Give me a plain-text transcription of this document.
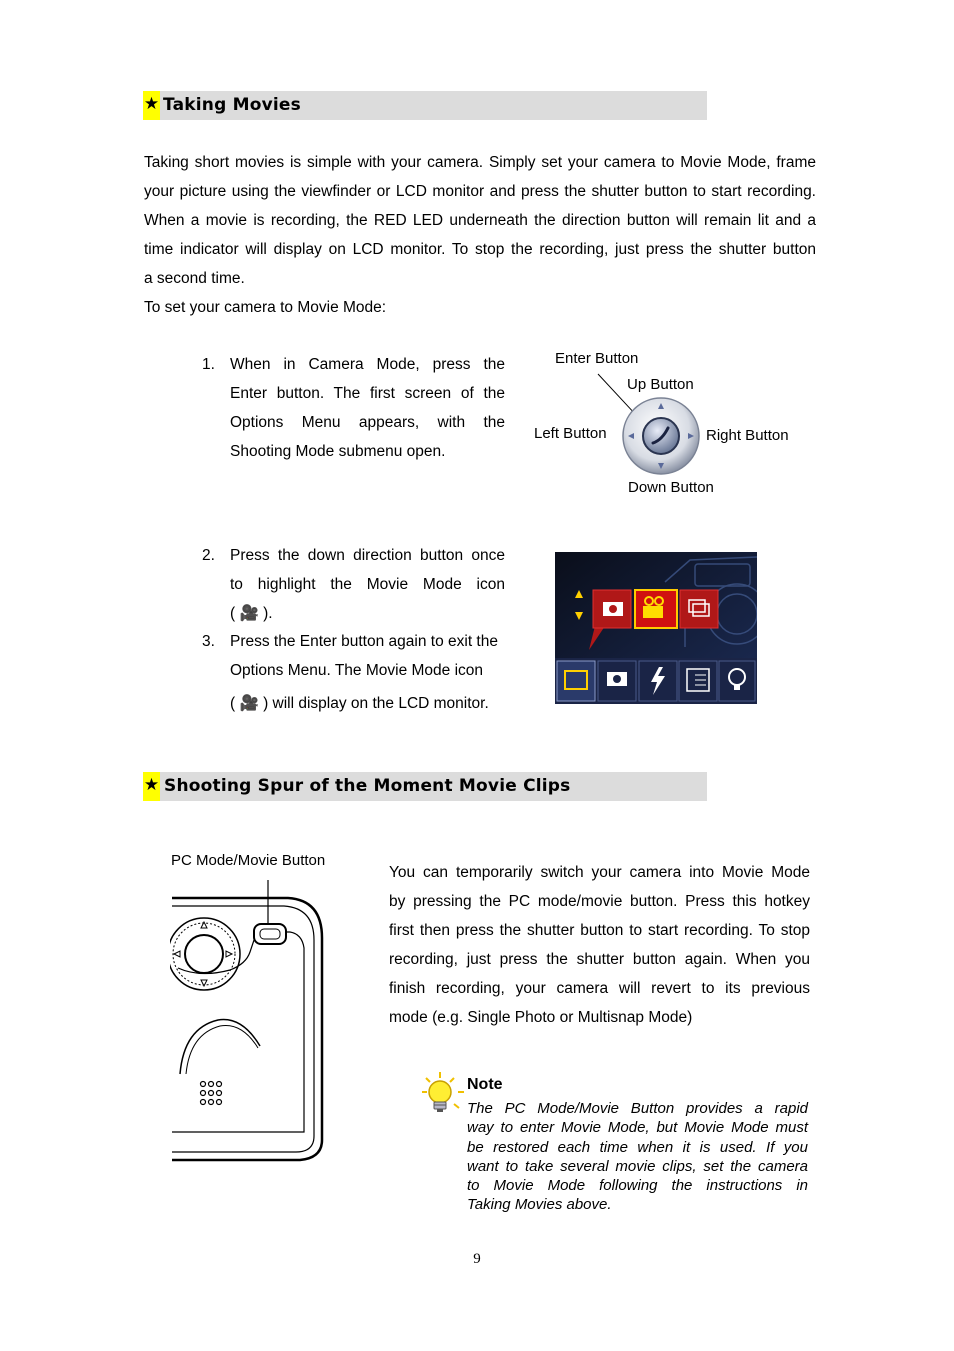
★ Taking Movies
Taking short movies is simple with your camera. Simply set your camera to Movie Mode, frame
your picture using the viewfinder or LCD monitor and press the shutter button to start recording.
When a movie is recording, the RED LED underneath the direction button will remain lit and a
time indicator will display on LCD monitor. To stop the recording, just press the shutter button
a second time.
To set your camera to Movie Mode:
1. When in Camera Mode, press the
Enter button. The first screen of the
Options Menu appears, with the
Shooting Mode submenu open.
Enter Button
Up Button
Left Button	Right Button
Down Button
2. Press the down direction button once
to highlight the Movie Mode icon
( 🎥 ).
3. Press the Enter button again to exit the
Options Menu. The Movie Mode icon
( 🎥 ) will display on the LCD monitor.
★ Shooting Spur of the Moment Movie Clips
PC Mode/Movie Button
You can temporarily switch your camera into Movie Mode
by pressing the PC mode/movie button. Press this hotkey
first then press the shutter button to start recording. To stop
recording, just press the shutter button again. When you
finish recording, your camera will revert to its previous
mode (e.g. Single Photo or Multisnap Mode)
Note
The PC Mode/Movie Button provides a rapid
way to enter Movie Mode, but Movie Mode must
be restored each time when it is used. If you
want to take several movie clips, set the camera
to Movie Mode following the instructions in
Taking Movies above.
9
